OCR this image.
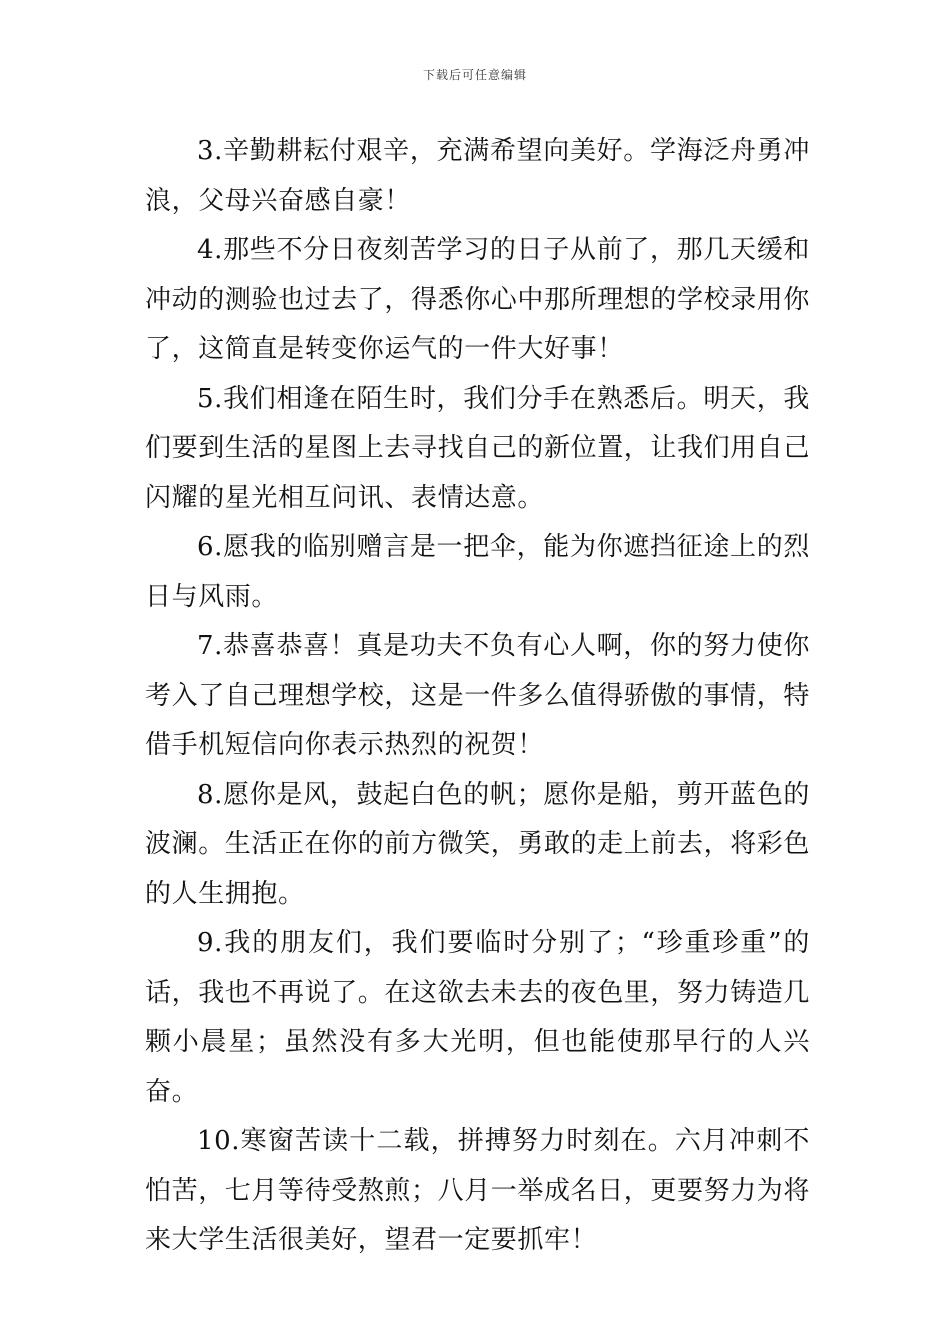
下载后可任意编辑

3.辛勤耕耘付艰辛，充满希望向美好。学海泛舟勇冲浪，父母兴奋感自豪！

4.那些不分日夜刻苦学习的日子从前了，那几天缓和冲动的测验也过去了，得悉你心中那所理想的学校录用你了，这简直是转变你运气的一件大好事！

5.我们相逢在陌生时，我们分手在熟悉后。明天，我们要到生活的星图上去寻找自己的新位置，让我们用自己闪耀的星光相互问讯、表情达意。

6.愿我的临别赠言是一把伞，能为你遮挡征途上的烈日与风雨。

7.恭喜恭喜！真是功夫不负有心人啊，你的努力使你考入了自己理想学校，这是一件多么值得骄傲的事情，特借手机短信向你表示热烈的祝贺！

8.愿你是风，鼓起白色的帆；愿你是船，剪开蓝色的波澜。生活正在你的前方微笑，勇敢的走上前去，将彩色的人生拥抱。

9.我的朋友们，我们要临时分别了；“珍重珍重”的话，我也不再说了。在这欲去未去的夜色里，努力铸造几颗小晨星；虽然没有多大光明，但也能使那早行的人兴奋。

10.寒窗苦读十二载，拼搏努力时刻在。六月冲刺不怕苦，七月等待受熬煎；八月一举成名日，更要努力为将来大学生活很美好，望君一定要抓牢！
